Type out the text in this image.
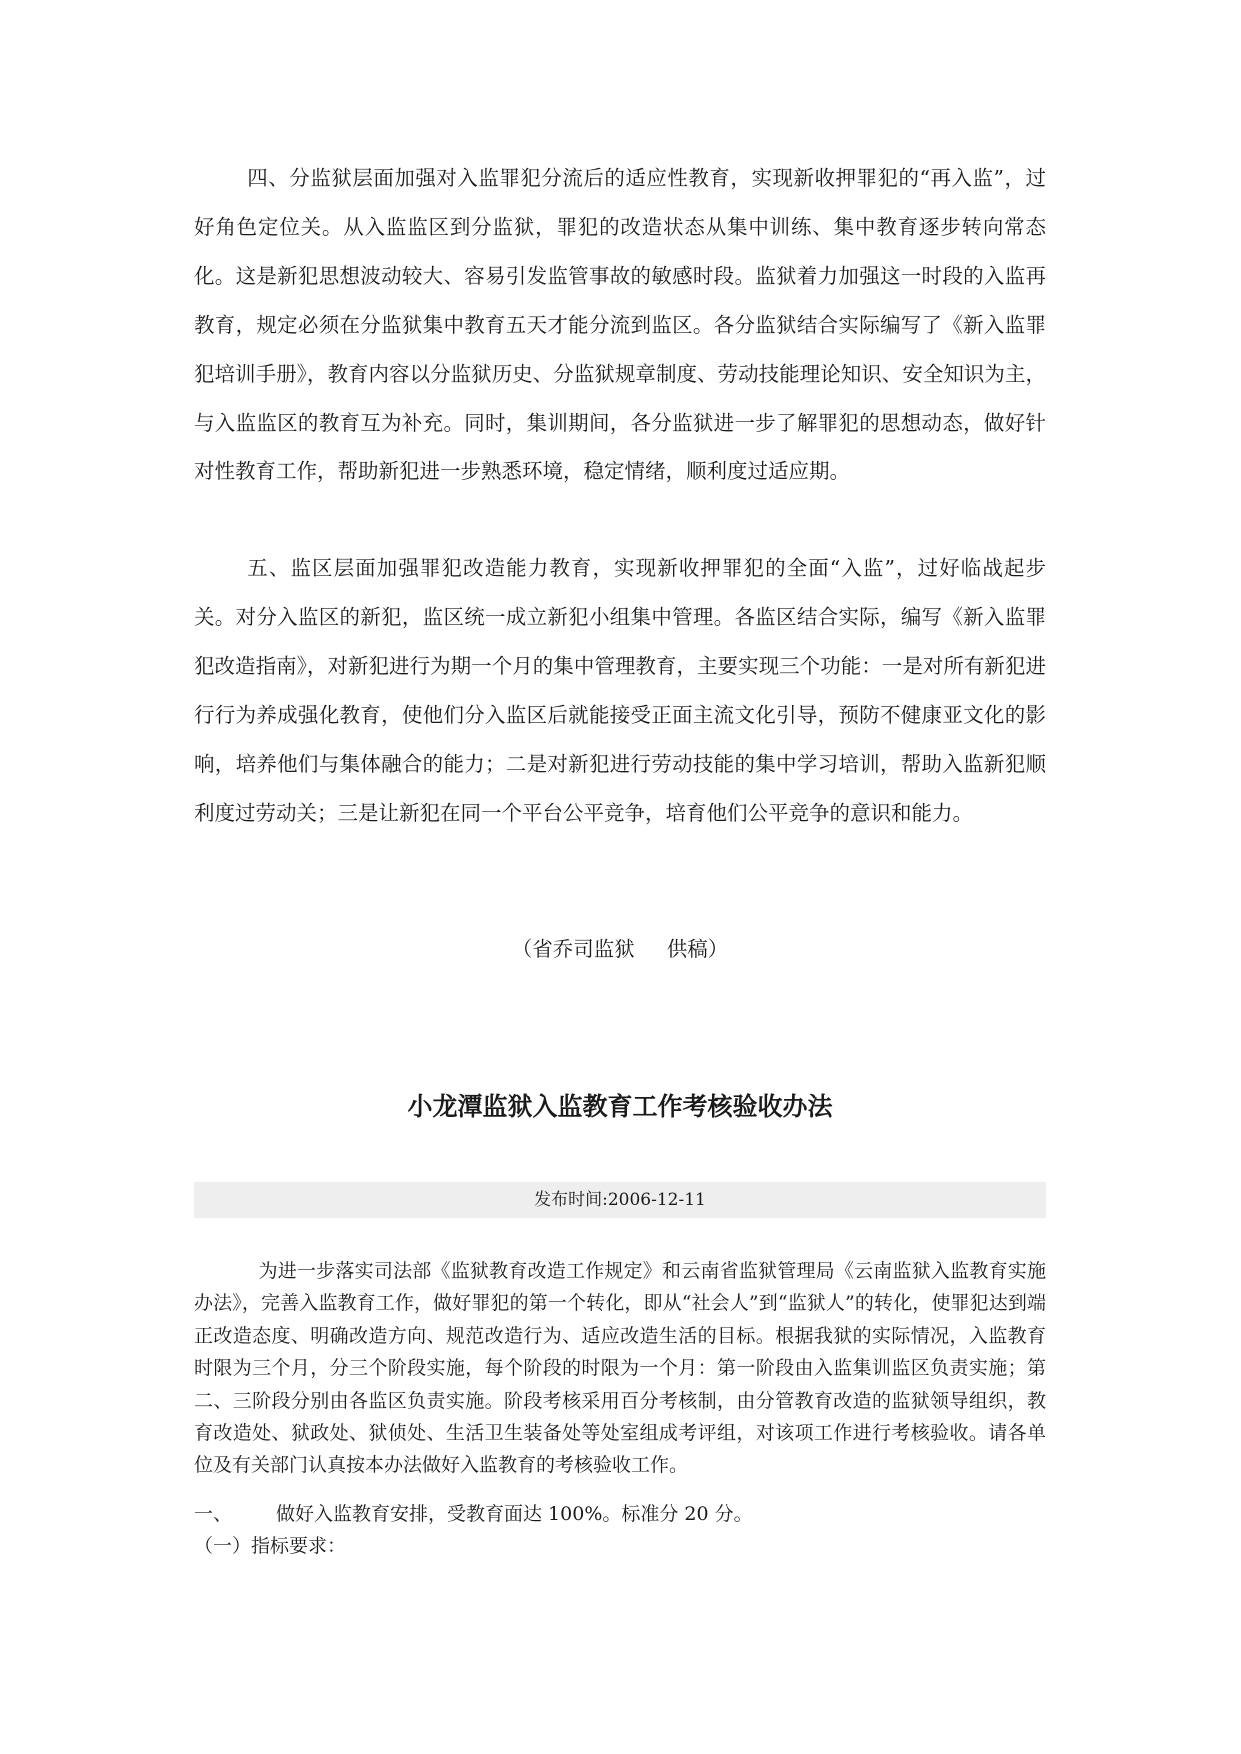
四、分监狱层面加强对入监罪犯分流后的适应性教育，实现新收押罪犯的“再入监”，过好角色定位关。从入监监区到分监狱，罪犯的改造状态从集中训练、集中教育逐步转向常态化。这是新犯思想波动较大、容易引发监管事故的敏感时段。监狱着力加强这一时段的入监再教育，规定必须在分监狱集中教育五天才能分流到监区。各分监狱结合实际编写了《新入监罪犯培训手册》，教育内容以分监狱历史、分监狱规章制度、劳动技能理论知识、安全知识为主，与入监监区的教育互为补充。同时，集训期间，各分监狱进一步了解罪犯的思想动态，做好针对性教育工作，帮助新犯进一步熟悉环境，稳定情绪，顺利度过适应期。

五、监区层面加强罪犯改造能力教育，实现新收押罪犯的全面“入监”，过好临战起步关。对分入监区的新犯，监区统一成立新犯小组集中管理。各监区结合实际，编写《新入监罪犯改造指南》，对新犯进行为期一个月的集中管理教育，主要实现三个功能：一是对所有新犯进行行为养成强化教育，使他们分入监区后就能接受正面主流文化引导，预防不健康亚文化的影响，培养他们与集体融合的能力；二是对新犯进行劳动技能的集中学习培训，帮助入监新犯顺利度过劳动关；三是让新犯在同一个平台公平竞争，培育他们公平竞争的意识和能力。

（省乔司监狱 供稿）

小龙潭监狱入监教育工作考核验收办法
发布时间:2006-12-11

为进一步落实司法部《监狱教育改造工作规定》和云南省监狱管理局《云南监狱入监教育实施办法》，完善入监教育工作，做好罪犯的第一个转化，即从“社会人”到“监狱人”的转化，使罪犯达到端正改造态度、明确改造方向、规范改造行为、适应改造生活的目标。根据我狱的实际情况，入监教育时限为三个月，分三个阶段实施，每个阶段的时限为一个月：第一阶段由入监集训监区负责实施；第二、三阶段分别由各监区负责实施。阶段考核采用百分考核制，由分管教育改造的监狱领导组织，教育改造处、狱政处、狱侦处、生活卫生装备处等处室组成考评组，对该项工作进行考核验收。请各单位及有关部门认真按本办法做好入监教育的考核验收工作。

一、 做好入监教育安排，受教育面达 100%。标准分 20 分。

（一）指标要求：
